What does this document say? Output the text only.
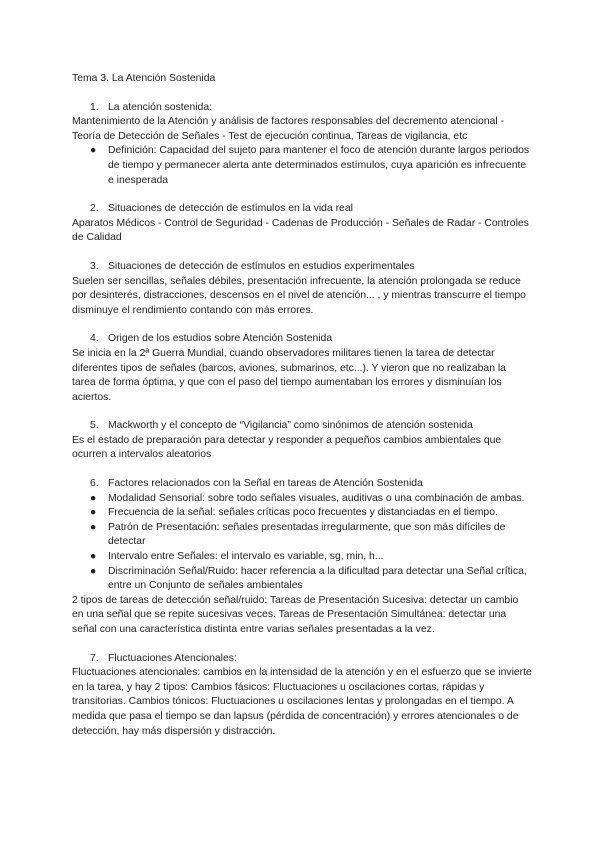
Tema 3. La Atención Sostenida

1. La atención sostenida:

Mantenimiento de la Atención y análisis de factores responsables del decremento atencional - Teoría de Detección de Señales - Test de ejecución continua, Tareas de vigilancia, etc

●	Definición: Capacidad del sujeto para mantener el foco de atención durante largos periodos de tiempo y permanecer alerta ante determinados estímulos, cuya aparición es infrecuente e inesperada
2. Situaciones de detección de estímulos en la vida real

Aparatos Médicos - Control de Seguridad - Cadenas de Producción - Señales de Radar - Controles de Calidad

3. Situaciones de detección de estímulos en estudios experimentales

Suelen ser sencillas, señales débiles, presentación infrecuente, la atención prolongada se reduce por desinterés, distracciones, descensos en el nivel de atención... , y mientras transcurre el tiempo disminuye el rendimiento contando con más errores.

4. Origen de los estudios sobre Atención Sostenida

Se inicia en la 2ª Guerra Mundial, cuando observadores militares tienen la tarea de detectar diferentes tipos de señales (barcos, aviones, submarinos, etc...). Y vieron que no realizaban la tarea de forma óptima, y que con el paso del tiempo aumentaban los errores y disminuían los aciertos.

5. Mackworth y el concepto de “Vigilancia” como sinónimos de atención sostenida

Es el estado de preparación para detectar y responder a pequeños cambios ambientales que ocurren a intervalos aleatorios

6. Factores relacionados con la Señal en tareas de Atención Sostenida
●	Modalidad Sensorial: sobre todo señales visuales, auditivas o una combinación de ambas.
●	Frecuencia de la señal: señales críticas poco frecuentes y distanciadas en el tiempo.
●	Patrón de Presentación: señales presentadas irregularmente, que son más difíciles de detectar
●	Intervalo entre Señales: el intervalo es variable, sg, min, h...
●	Discriminación Señal/Ruido: hacer referencia a la dificultad para detectar una Señal crítica, entre un Conjunto de señales ambientales

2 tipos de tareas de detección señal/ruido: Tareas de Presentación Sucesiva: detectar un cambio en una señal que se repite sucesivas veces. Tareas de Presentación Simultánea: detectar una señal con una característica distinta entre varias señales presentadas a la vez.

7. Fluctuaciones Atencionales:

Fluctuaciones atencionales: cambios en la intensidad de la atención y en el esfuerzo que se invierte en la tarea, y hay 2 tipos: Cambios fásicos: Fluctuaciones u oscilaciones cortas, rápidas y transitorias. Cambios tónicos: Fluctuaciones u oscilaciones lentas y prolongadas en el tiempo. A medida que pasa el tiempo se dan lapsus (pérdida de concentración) y errores atencionales o de detección, hay más dispersión y distracción.
